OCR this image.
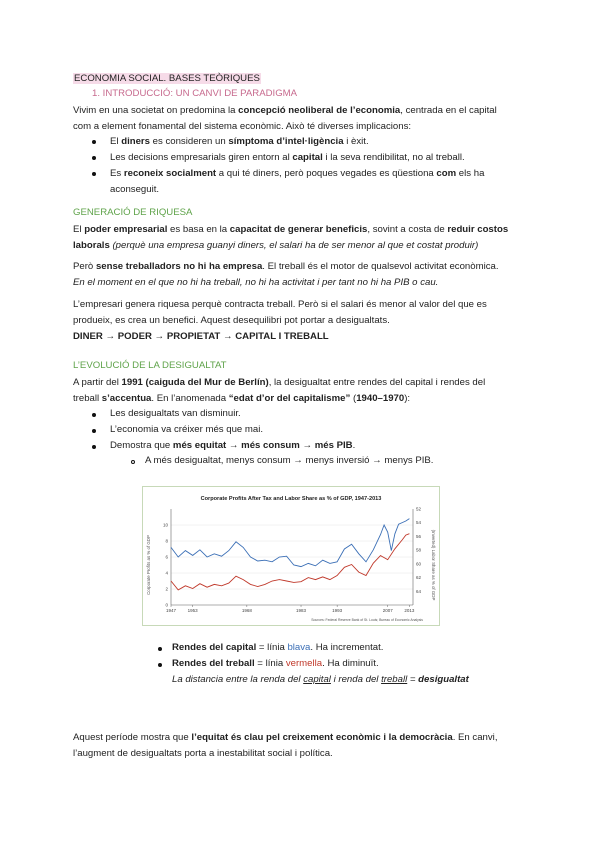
ECONOMIA SOCIAL. BASES TEÒRIQUES
1. INTRODUCCIÓ: UN CANVI DE PARADIGMA
Vivim en una societat on predomina la concepció neoliberal de l’economia, centrada en el capital
com a element fonamental del sistema econòmic. Això té diverses implicacions:
El diners es consideren un símptoma d’intel·ligència i èxit.
Les decisions empresarials giren entorn al capital i la seva rendibilitat, no al treball.
Es reconeix socialment a qui té diners, però poques vegades es qüestiona com els ha
aconseguit.
GENERACIÓ DE RIQUESA
El poder empresarial es basa en la capacitat de generar beneficis, sovint a costa de reduir costos
laborals (perquè una empresa guanyi diners, el salari ha de ser menor al que et costat produir)
Però sense treballadors no hi ha empresa. El treball és el motor de qualsevol activitat econòmica.
En el moment en el que no hi ha treball, no hi ha activitat i per tant no hi ha PIB o cau.
L’empresari genera riquesa perquè contracta treball. Però si el salari és menor al valor del que es
produeix, es crea un benefici. Aquest desequilibri pot portar a desigualtats.
DINER → PODER → PROPIETAT → CAPITAL I TREBALL
L’EVOLUCIÓ DE LA DESIGUALTAT
A partir del 1991 (caiguda del Mur de Berlín), la desigualtat entre rendes del capital i rendes del
treball s’accentua. En l’anomenada “edat d’or del capitalisme” (1940–1970):
Les desigualtats van disminuir.
L’economia va créixer més que mai.
Demostra que més equitat → més consum → més PIB.
A més desigualtat, menys consum → menys inversió → menys PIB.
Corporate Profits After Tax and Labor Share as % of GDP, 1947-2013
0
2
4
6
8
10
64
62
60
58
56
54
52
1947	1953	1968	1983	1993	2007	2013
Corporate Profits as % of GDP	(Inverted) Labor Share as % of GDP
Sources: Federal Reserve Bank of St. Louis; Bureau of Economic Analysis
Rendes del capital = línia blava. Ha incrementat.
Rendes del treball = línia vermella. Ha diminuït.
La distancia entre la renda del capital i renda del treball = desigualtat
Aquest període mostra que l’equitat és clau pel creixement econòmic i la democràcia. En canvi,
l’augment de desigualtats porta a inestabilitat social i política.
